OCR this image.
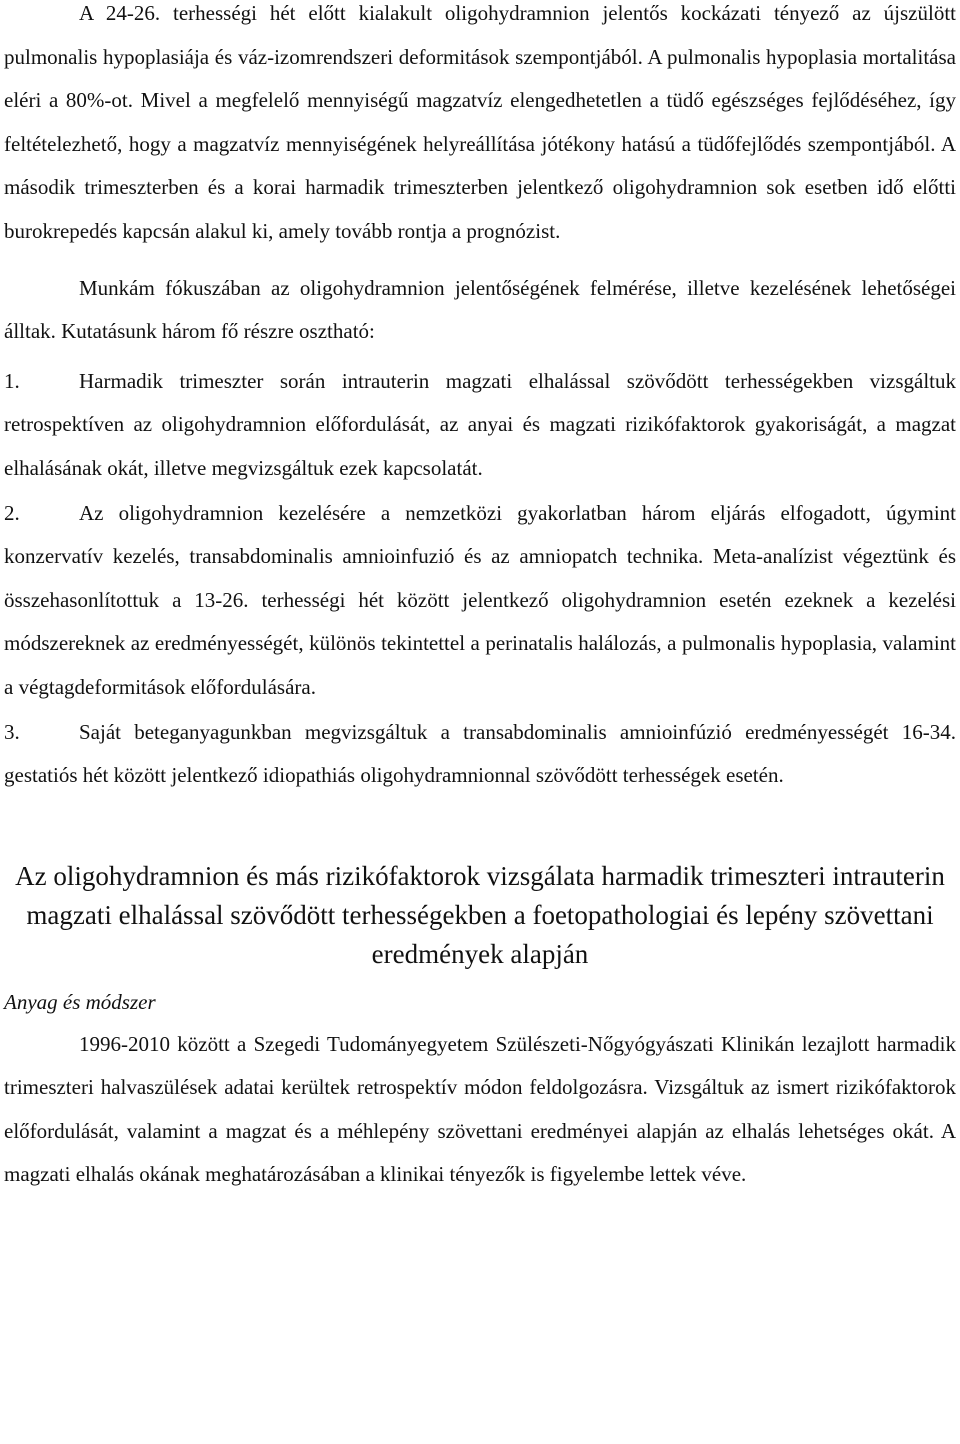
A 24-26. terhességi hét előtt kialakult oligohydramnion jelentős kockázati tényező az újszülött pulmonalis hypoplasiája és váz-izomrendszeri deformitások szempontjából. A pulmonalis hypoplasia mortalitása eléri a 80%-ot. Mivel a megfelelő mennyiségű magzatvíz elengedhetetlen a tüdő egészséges fejlődéséhez, így feltételezhető, hogy a magzatvíz mennyiségének helyreállítása jótékony hatású a tüdőfejlődés szempontjából. A második trimeszterben és a korai harmadik trimeszterben jelentkező oligohydramnion sok esetben idő előtti burokrepedés kapcsán alakul ki, amely tovább rontja a prognózist.

Munkám fókuszában az oligohydramnion jelentőségének felmérése, illetve kezelésének lehetőségei álltak. Kutatásunk három fő részre osztható:

1.	Harmadik trimeszter során intrauterin magzati elhalással szövődött terhességekben vizsgáltuk retrospektíven az oligohydramnion előfordulását, az anyai és magzati rizikófaktorok gyakoriságát, a magzat elhalásának okát, illetve megvizsgáltuk ezek kapcsolatát.

2.	Az oligohydramnion kezelésére a nemzetközi gyakorlatban három eljárás elfogadott, úgymint konzervatív kezelés, transabdominalis amnioinfuzió és az amniopatch technika. Meta-analízist végeztünk és összehasonlítottuk a 13-26. terhességi hét között jelentkező oligohydramnion esetén ezeknek a kezelési módszereknek az eredményességét, különös tekintettel a perinatalis halálozás, a pulmonalis hypoplasia, valamint a végtagdeformitások előfordulására.

3.	Saját beteganyagunkban megvizsgáltuk a transabdominalis amnioinfúzió eredményességét 16-34. gestatiós hét között jelentkező idiopathiás oligohydramnionnal szövődött terhességek esetén.

Az oligohydramnion és más rizikófaktorok vizsgálata harmadik trimeszteri intrauterin magzati elhalással szövődött terhességekben a foetopathologiai és lepény szövettani eredmények alapján
Anyag és módszer

1996-2010 között a Szegedi Tudományegyetem Szülészeti-Nőgyógyászati Klinikán lezajlott harmadik trimeszteri halvaszülések adatai kerültek retrospektív módon feldolgozásra. Vizsgáltuk az ismert rizikófaktorok előfordulását, valamint a magzat és a méhlepény szövettani eredményei alapján az elhalás lehetséges okát. A magzati elhalás okának meghatározásában a klinikai tényezők is figyelembe lettek véve.
